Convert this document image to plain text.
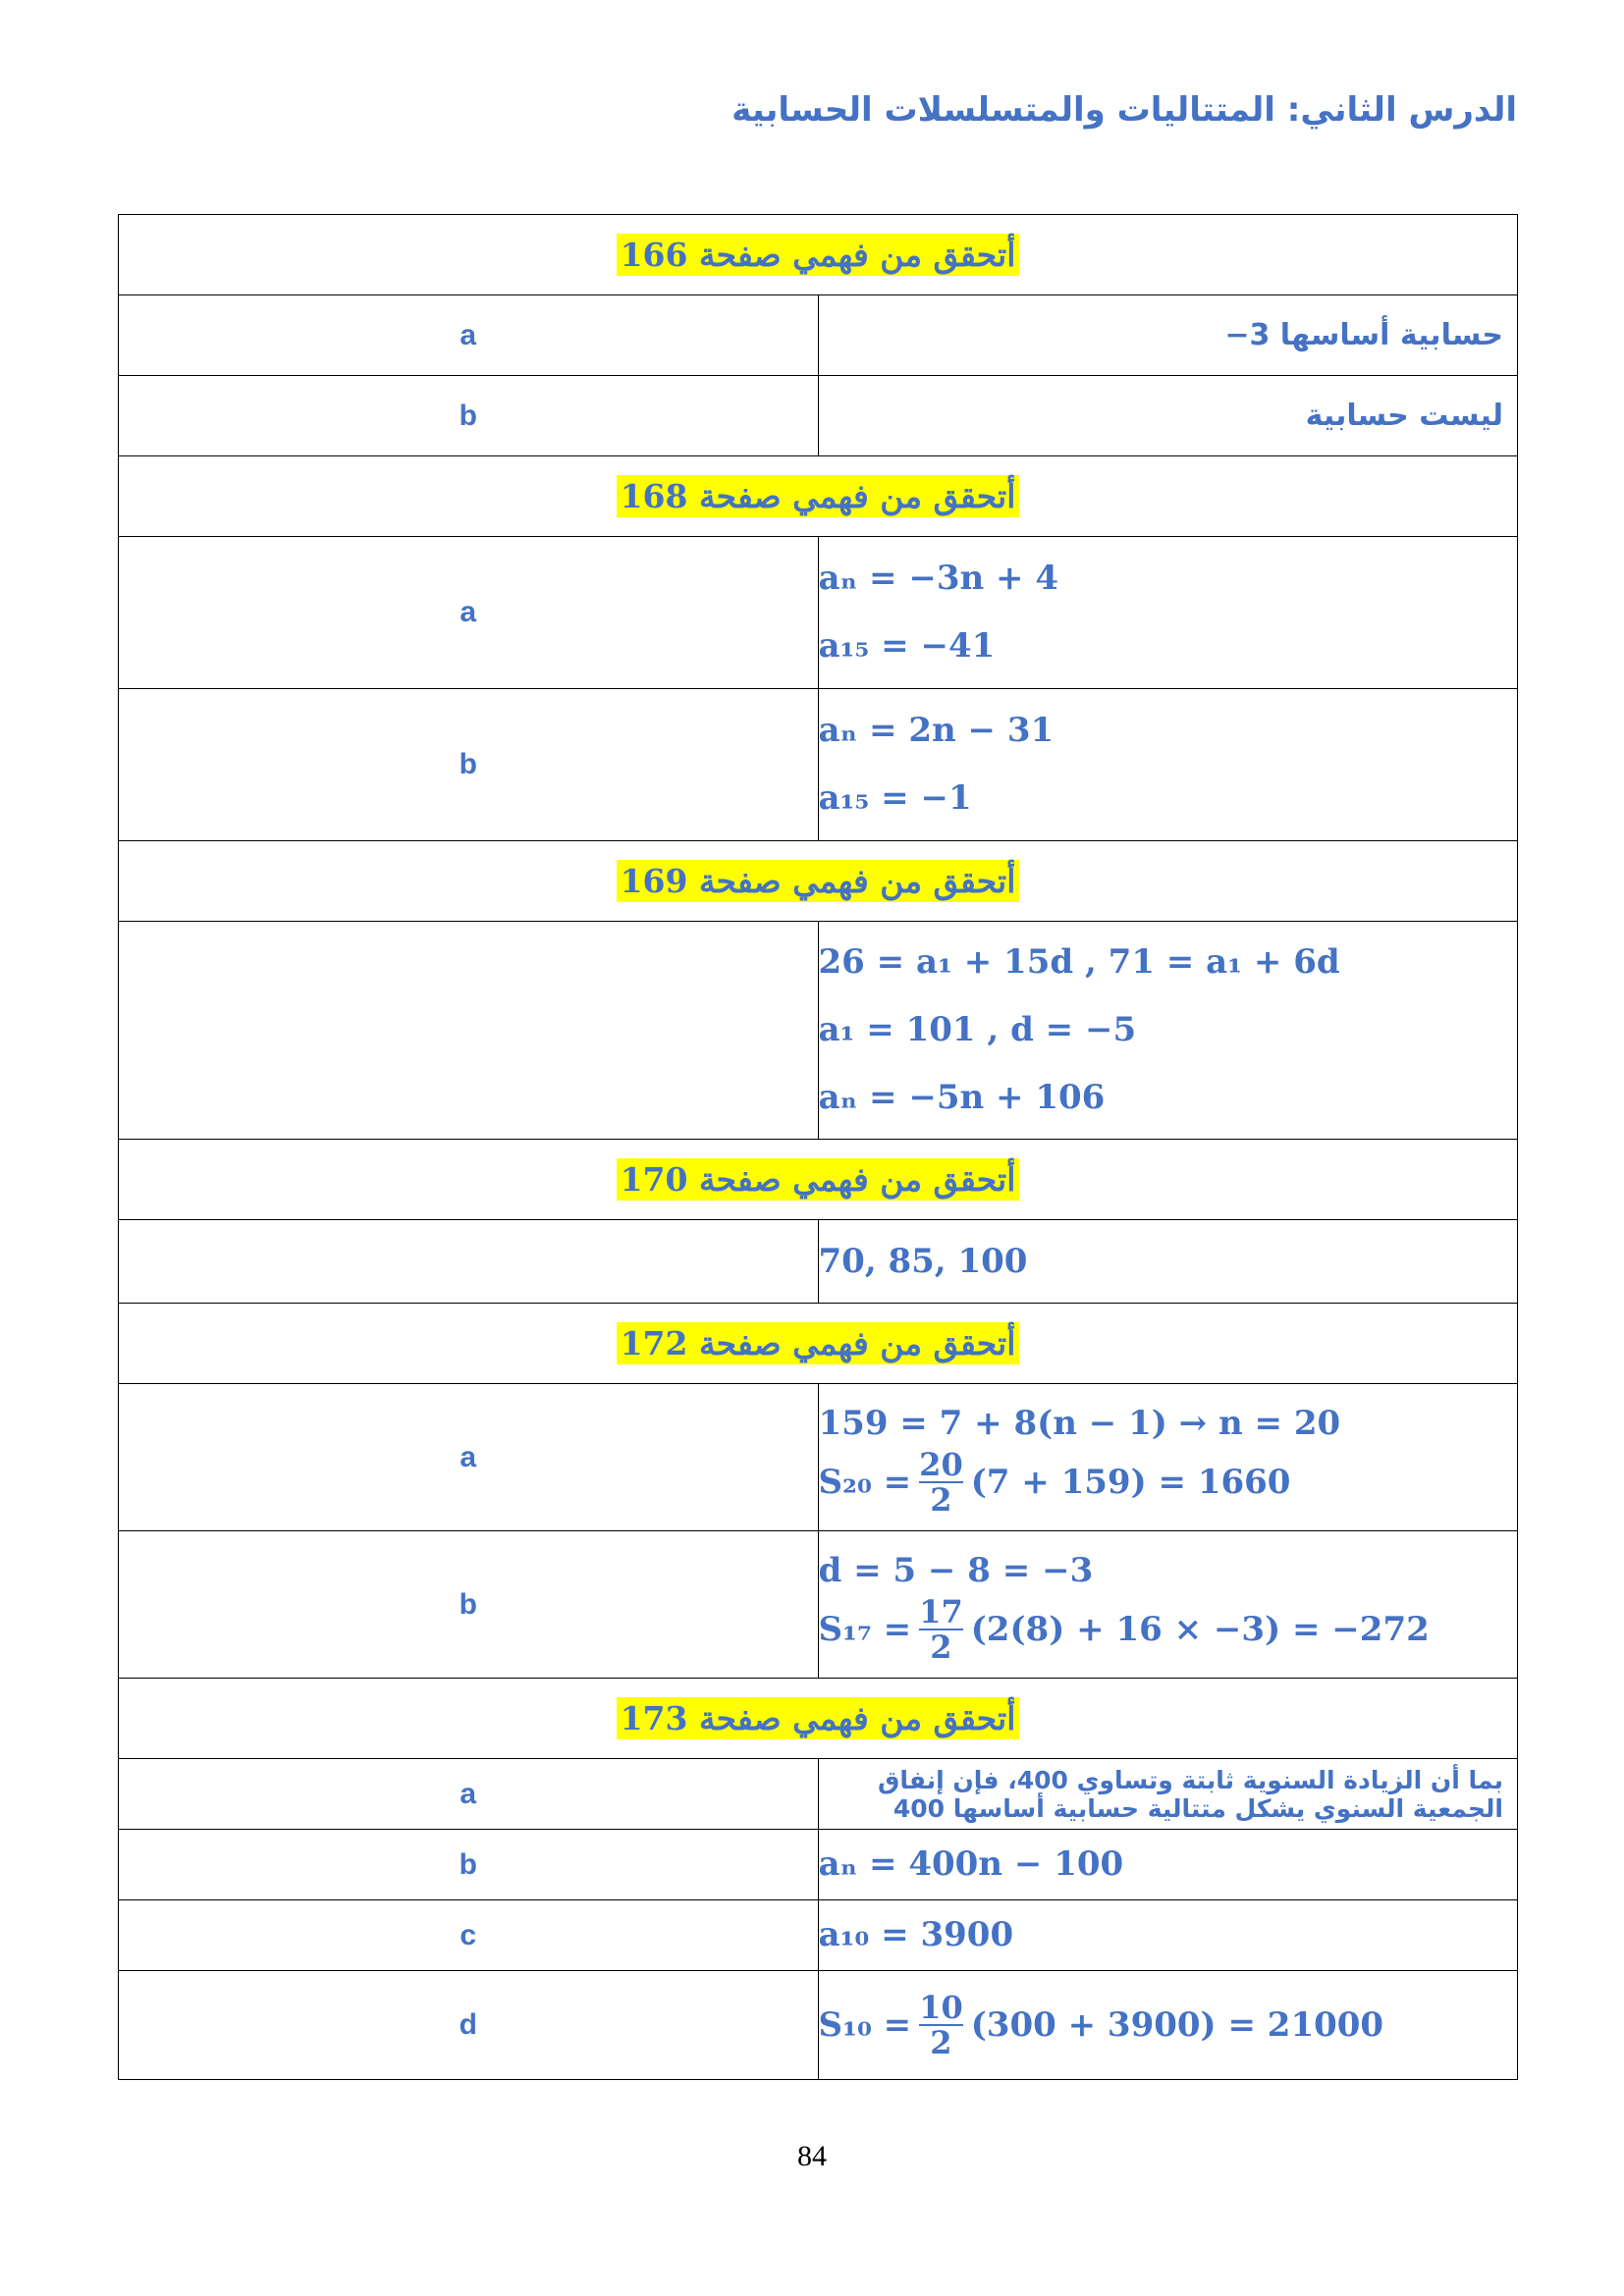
الدرس الثاني: المتتاليات والمتسلسلات الحسابية
أتحقق من فهمي صفحة 166	
a	حسابية أساسها 3−

b	ليست حسابية

أتحقق من فهمي صفحة 168	
a	aₙ = −3n + 4
a₁₅ = −41

b	aₙ = 2n − 31
a₁₅ = −1

أتحقق من فهمي صفحة 169	

	26 = a₁ + 15d , 71 = a₁ + 6d
a₁ = 101 , d = −5
aₙ = −5n + 106

أتحقق من فهمي صفحة 170	

	70, 85, 100

أتحقق من فهمي صفحة 172	
a	159 = 7 + 8(n − 1) → n = 20
S₂₀ = 20
2 (7 + 159) = 1660

b	d = 5 − 8 = −3
S₁₇ = 17
2 (2(8) + 16 × −3) = −272

أتحقق من فهمي صفحة 173	
a	بما أن الزيادة السنوية ثابتة وتساوي 400، فإن إنفاق الجمعية السنوي يشكل متتالية حسابية أساسها 400

b	aₙ = 400n − 100

c	a₁₀ = 3900

d	S₁₀ = 10
2 (300 + 3900) = 21000
84
